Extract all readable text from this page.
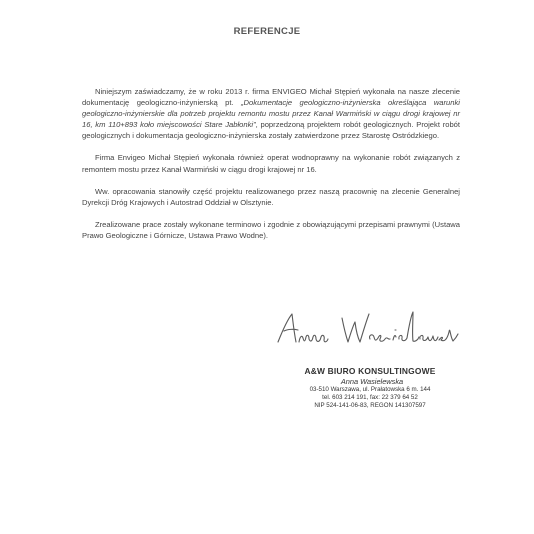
REFERENCJE

Niniejszym zaświadczamy, że w roku 2013 r. firma ENVIGEO Michał Stępień wykonała na nasze zlecenie dokumentację geologiczno-inżynierską pt. „Dokumentacje geologiczno-inżynierska określająca warunki geologiczno-inżynierskie dla potrzeb projektu remontu mostu przez Kanał Warmiński w ciągu drogi krajowej nr 16, km 110+893 koło miejscowości Stare Jabłonki”, poprzedzoną projektem robót geologicznych. Projekt robót geologicznych i dokumentacja geologiczno-inżynierska zostały zatwierdzone przez Starostę Ostródzkiego.

Firma Envigeo Michał Stępień wykonała również operat wodnoprawny na wykonanie robót związanych z remontem mostu przez Kanał Warmiński w ciągu drogi krajowej nr 16.

Ww. opracowania stanowiły część projektu realizowanego przez naszą pracownię na zlecenie Generalnej Dyrekcji Dróg Krajowych i Autostrad Oddział w Olsztynie.

Zrealizowane prace zostały wykonane terminowo i zgodnie z obowiązującymi przepisami prawnymi (Ustawa Prawo Geologiczne i Górnicze, Ustawa Prawo Wodne).

A&W BIURO KONSULTINGOWE
Anna Wasielewska
03-510 Warszawa, ul. Prałatowska 6 m. 144
tel. 603 214 191, fax: 22 379 64 52
NIP 524-141-06-83, REGON 141307597
